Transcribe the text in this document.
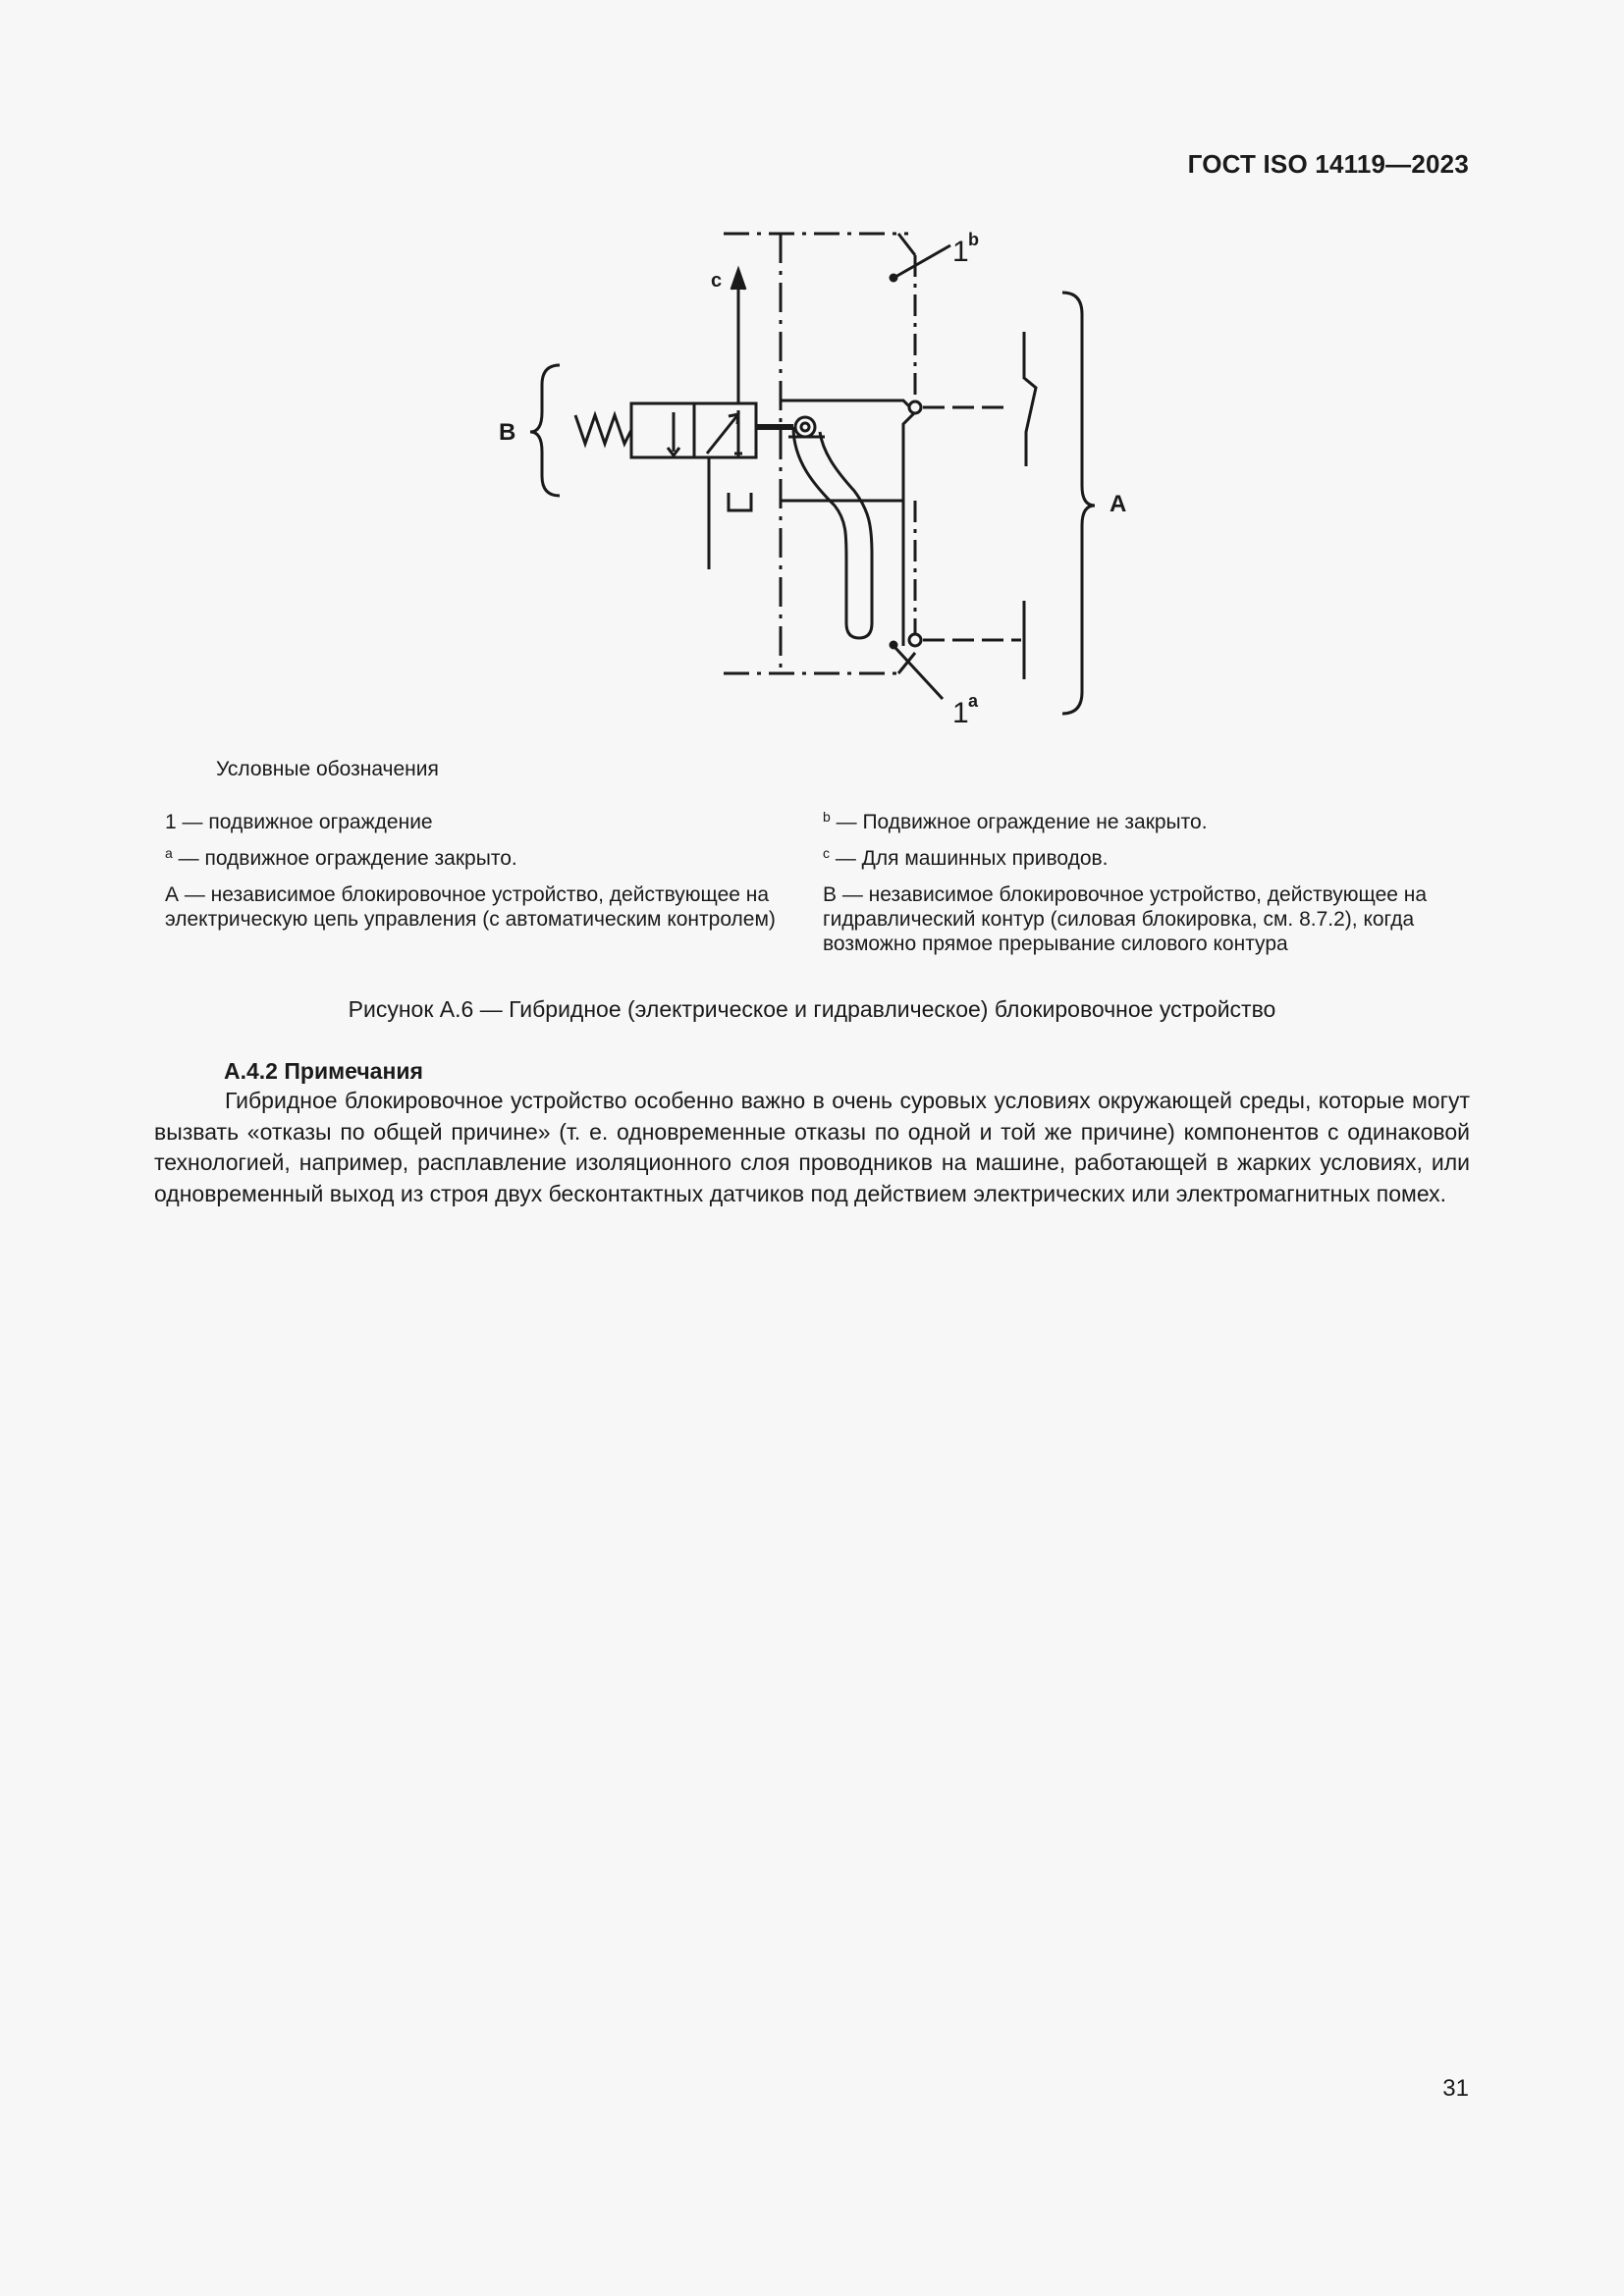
ГОСТ ISO 14119—2023
B
A
c
1 b
1 a
Условные обозначения
1 — подвижное ограждение
$^a$ — подвижное ограждение закрыто.
А — независимое блокировочное устройство, действующее на электрическую цепь управления (с автоматическим контролем)
$^b$ — Подвижное ограждение не закрыто.
$^c$ — Для машинных приводов.
В — независимое блокировочное устройство, действующее на гидравлический контур (силовая блокировка, см. 8.7.2), когда возможно прямое прерывание силового контура
Рисунок А.6 — Гибридное (электрическое и гидравлическое) блокировочное устройство
А.4.2 Примечания
Гибридное блокировочное устройство особенно важно в очень суровых условиях окружающей среды, которые могут вызвать «отказы по общей причине» (т. е. одновременные отказы по одной и той же причине) компонентов с одинаковой технологией, например, расплавление изоляционного слоя проводников на машине, работающей в жарких условиях, или одновременный выход из строя двух бесконтактных датчиков под действием электрических или электромагнитных помех.
31
